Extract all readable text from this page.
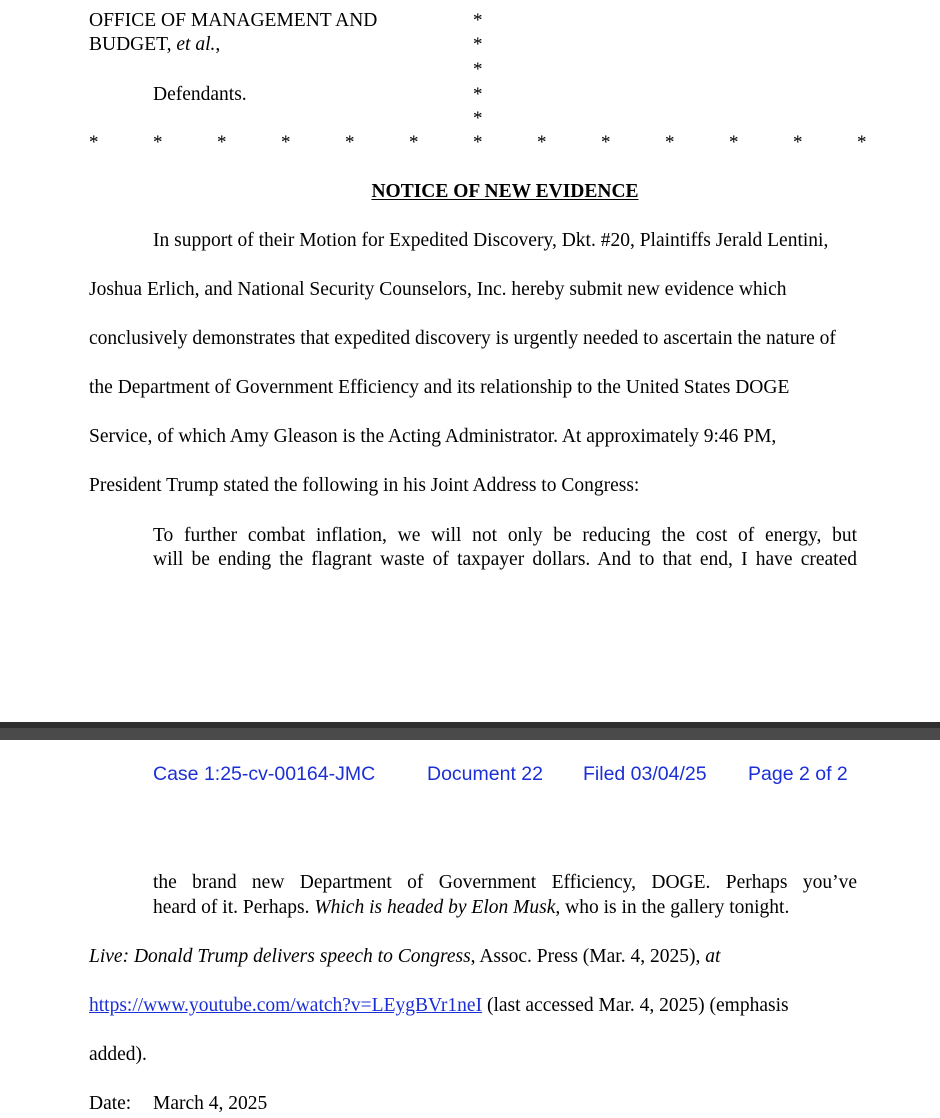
OFFICE OF MANAGEMENT AND
BUDGET, et al.,
Defendants.
*
*
*
*
*
*	*	*	*	*	*	*	*	*	*	*	*	*
NOTICE OF NEW EVIDENCE
In support of their Motion for Expedited Discovery, Dkt. #20, Plaintiffs Jerald Lentini,
Joshua Erlich, and National Security Counselors, Inc. hereby submit new evidence which
conclusively demonstrates that expedited discovery is urgently needed to ascertain the nature of
the Department of Government Efficiency and its relationship to the United States DOGE
Service, of which Amy Gleason is the Acting Administrator. At approximately 9:46 PM,
President Trump stated the following in his Joint Address to Congress:
To further combat inflation, we will not only be reducing the cost of energy, but
will be ending the flagrant waste of taxpayer dollars. And to that end, I have created
Case 1:25-cv-00164-JMC	Document 22 Filed 03/04/25 Page 2 of 2
the brand new Department of Government Efficiency, DOGE. Perhaps you’ve
heard of it. Perhaps. Which is headed by Elon Musk, who is in the gallery tonight.
Live: Donald Trump delivers speech to Congress, Assoc. Press (Mar. 4, 2025), at
https://www.youtube.com/watch?v=LEygBVr1neI (last accessed Mar. 4, 2025) (emphasis
added).
Date: March 4, 2025
